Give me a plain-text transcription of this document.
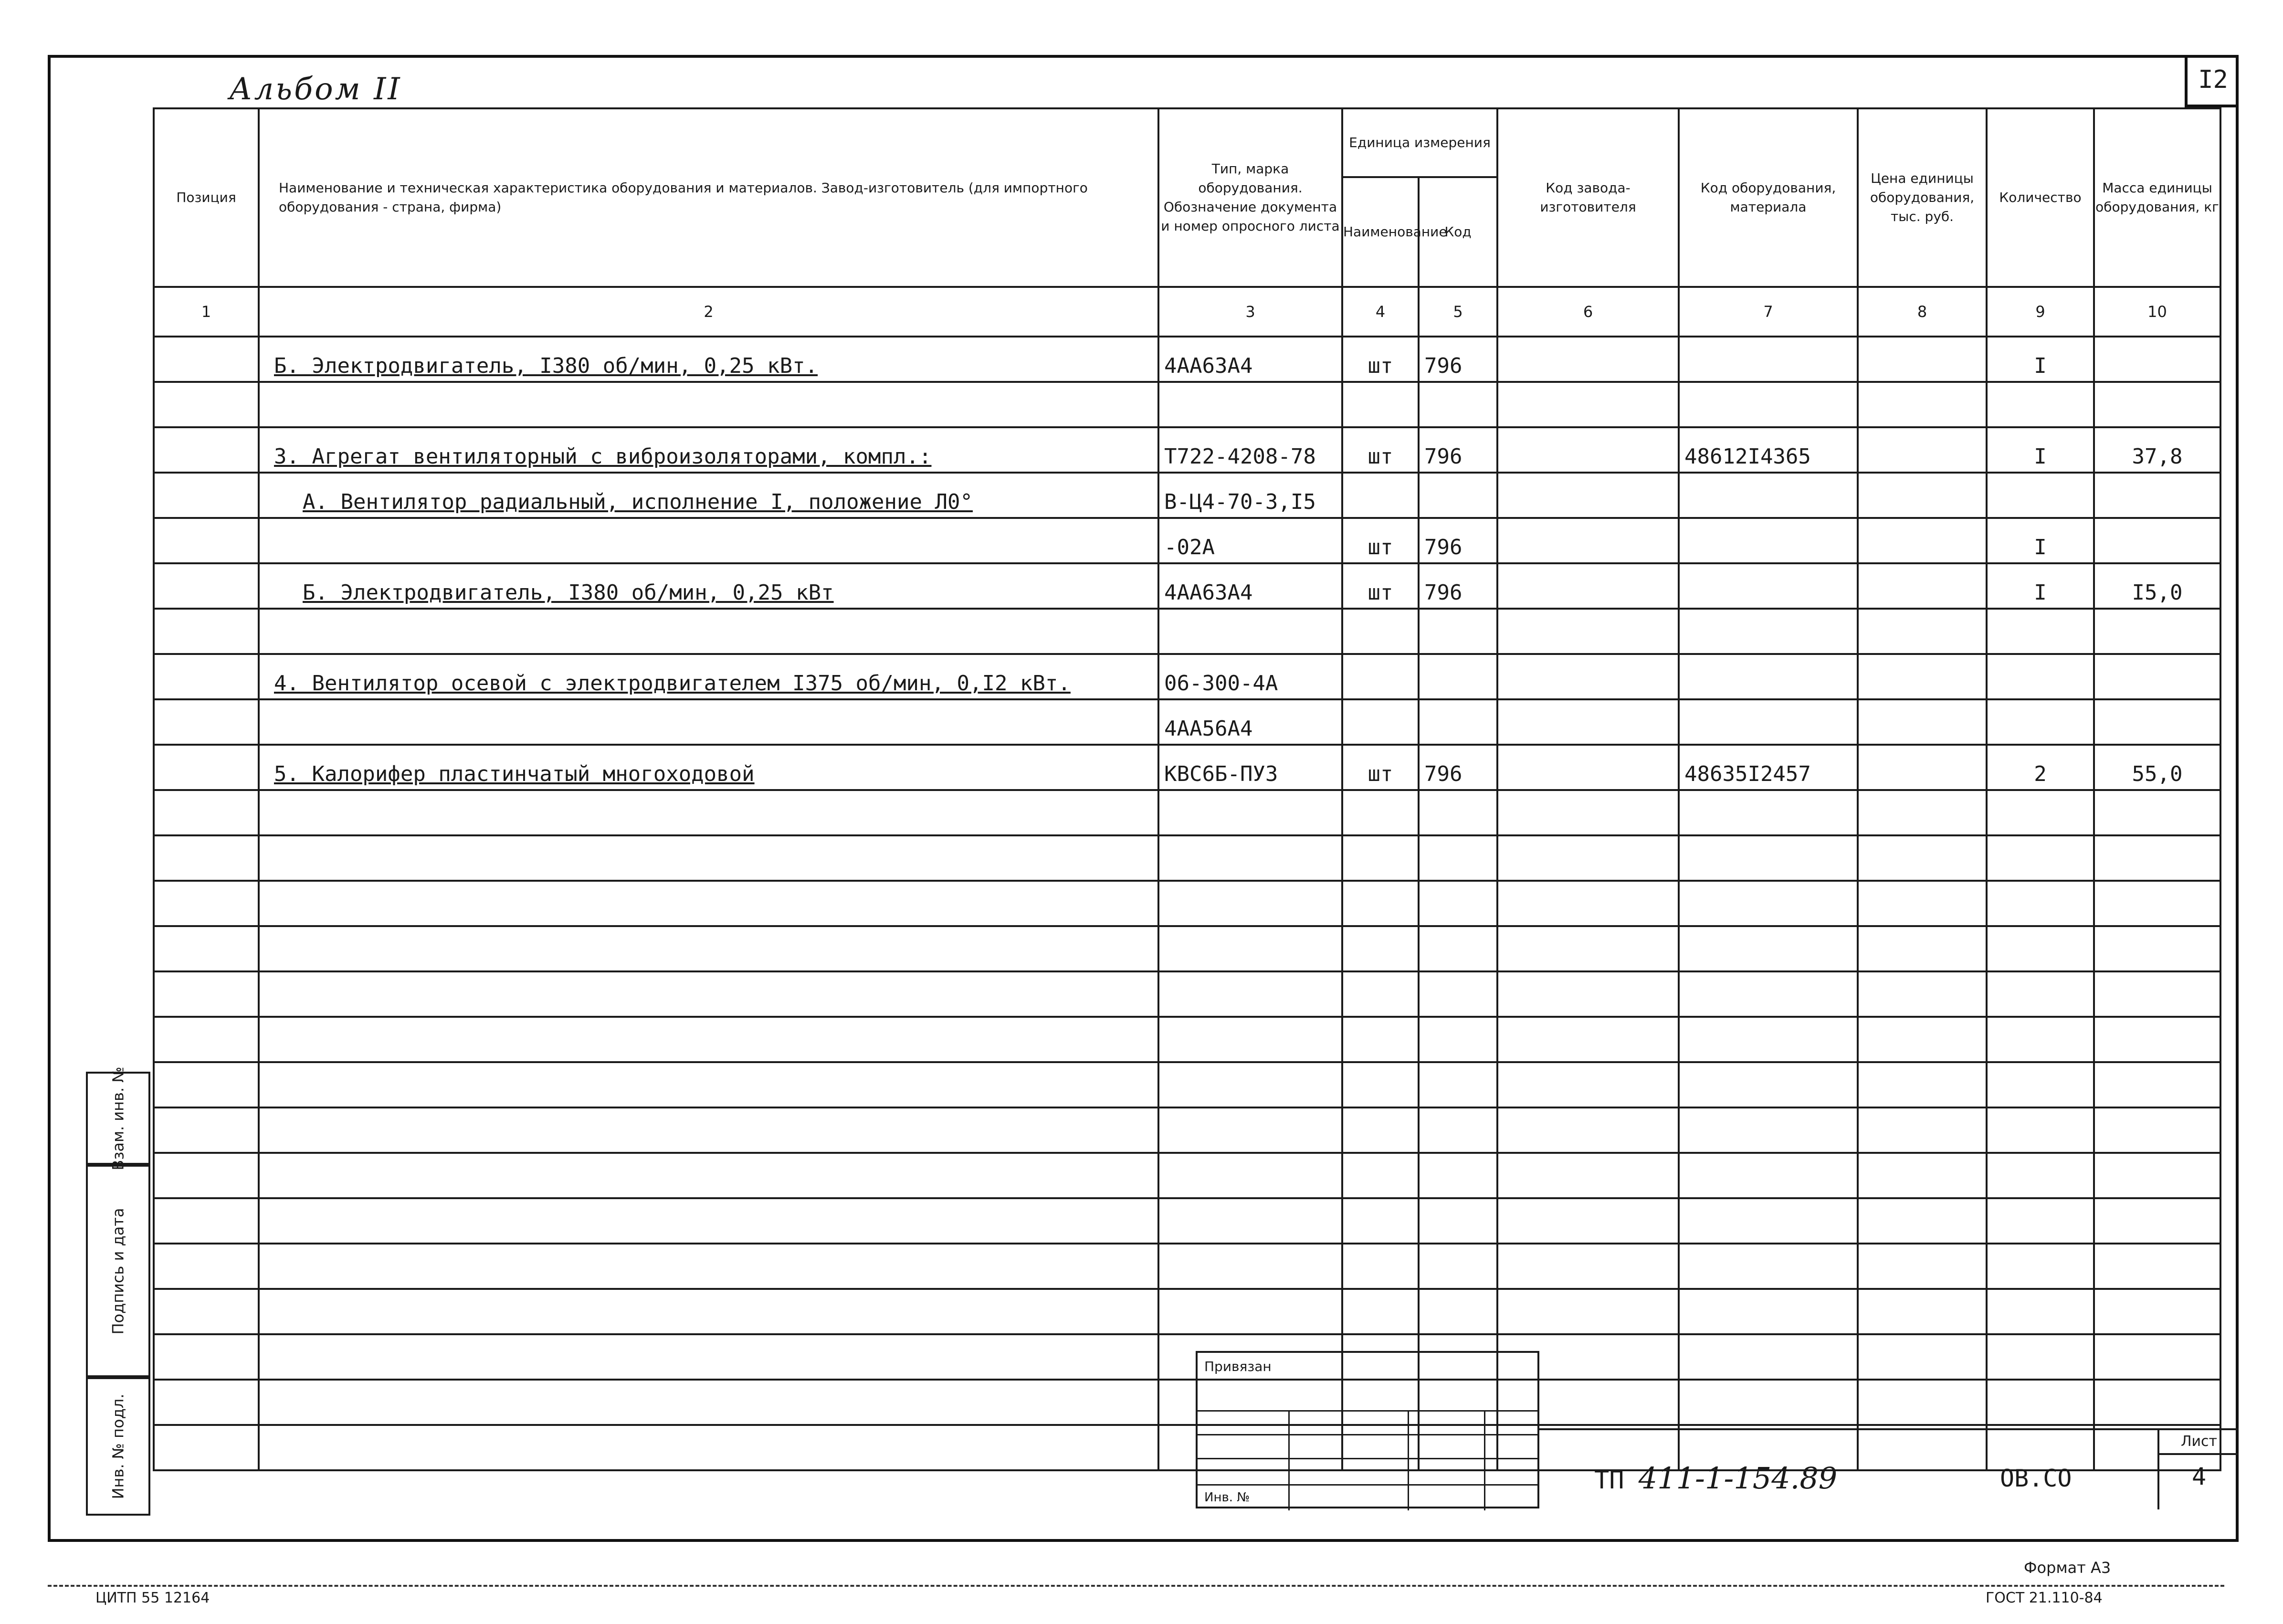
I2
Альбом II
Позиция	Наименование и техническая характеристика оборудования и материалов. Завод-изготовитель (для импортного оборудования - страна, фирма)	Тип, марка оборудования. Обозначение документа и номер опросного листа	Единица измерения		Код завода-изготовителя	Код оборудования, материала	Цена единицы оборудования, тыс. руб.	Количество	Масса единицы оборудования, кг
			Наименование	Код					
1	2	3	4	5	6	7	8	9	10
	Б. Электродвигатель, I380 об/мин, 0,25 кВт.	4АА63А4	шт	796				I	

	3. Агрегат вентиляторный с виброизоляторами, компл.:	Т722-4208-78	шт	796		48612I4365		I	37,8
	А. Вентилятор радиальный, исполнение I, положение Л0°	В-Ц4-70-3,I5							
		-02А	шт	796				I	
	Б. Электродвигатель, I380 об/мин, 0,25 кВт	4АА63А4	шт	796				I	I5,0

	4. Вентилятор осевой с электродвигателем I375 об/мин, 0,I2 кВт.	06-300-4А							
		4АА56А4							
	5. Калорифер пластинчатый многоходовой	КВС6Б-ПУ3	шт	796		48635I2457		2	55,0

Взам. инв. №
Подпись и дата
Инв. № подл.
Привязан
Инв. №
ТП 411-1-154.89	ОВ.СО
Лист
4
Формат А3
ГОСТ 21.110-84
ЦИТП 55 12164
